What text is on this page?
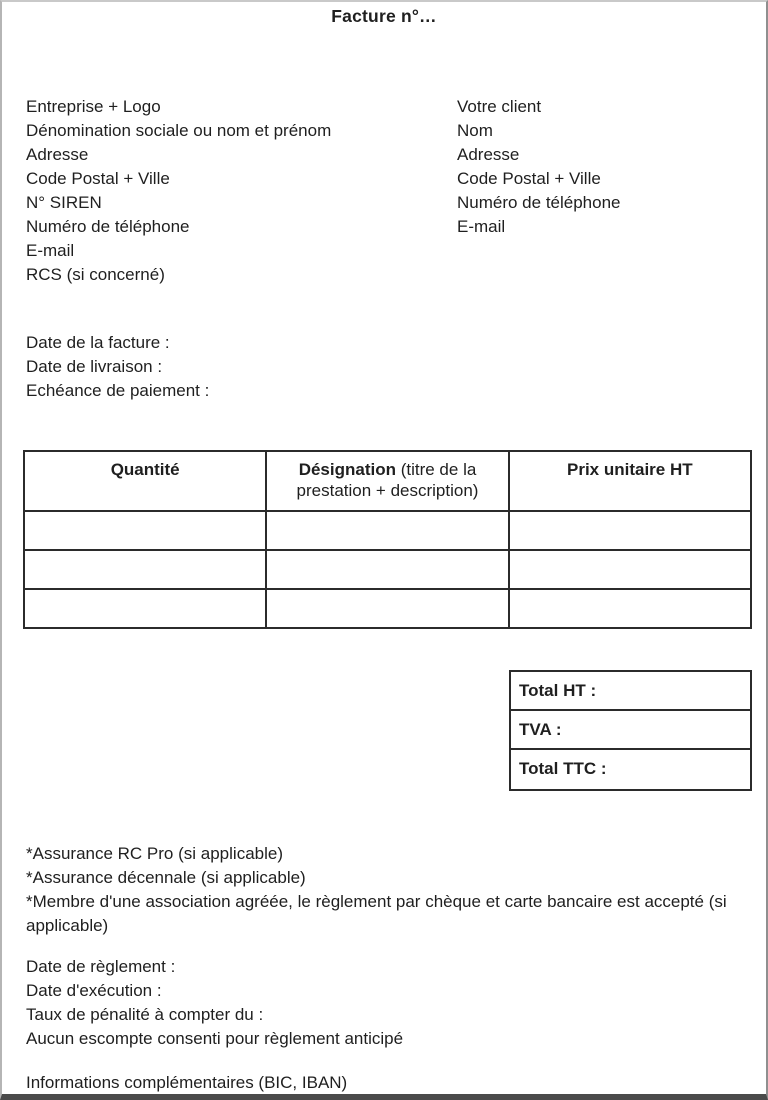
Facture n°…
Entreprise + Logo
Dénomination sociale ou nom et prénom
Adresse
Code Postal + Ville
N° SIREN
Numéro de téléphone
E-mail
RCS (si concerné)
Votre client
Nom
Adresse
Code Postal + Ville
Numéro de téléphone
E-mail
Date de la facture :
Date de livraison :
Echéance de paiement :
Quantité	Désignation (titre de la prestation + description)	Prix unitaire HT

Total HT :
TVA :
Total TTC :
*Assurance RC Pro (si applicable)
*Assurance décennale (si applicable)
*Membre d'une association agréée, le règlement par chèque et carte bancaire est accepté (si applicable)
Date de règlement :
Date d'exécution :
Taux de pénalité à compter du :
Aucun escompte consenti pour règlement anticipé
Informations complémentaires (BIC, IBAN)
